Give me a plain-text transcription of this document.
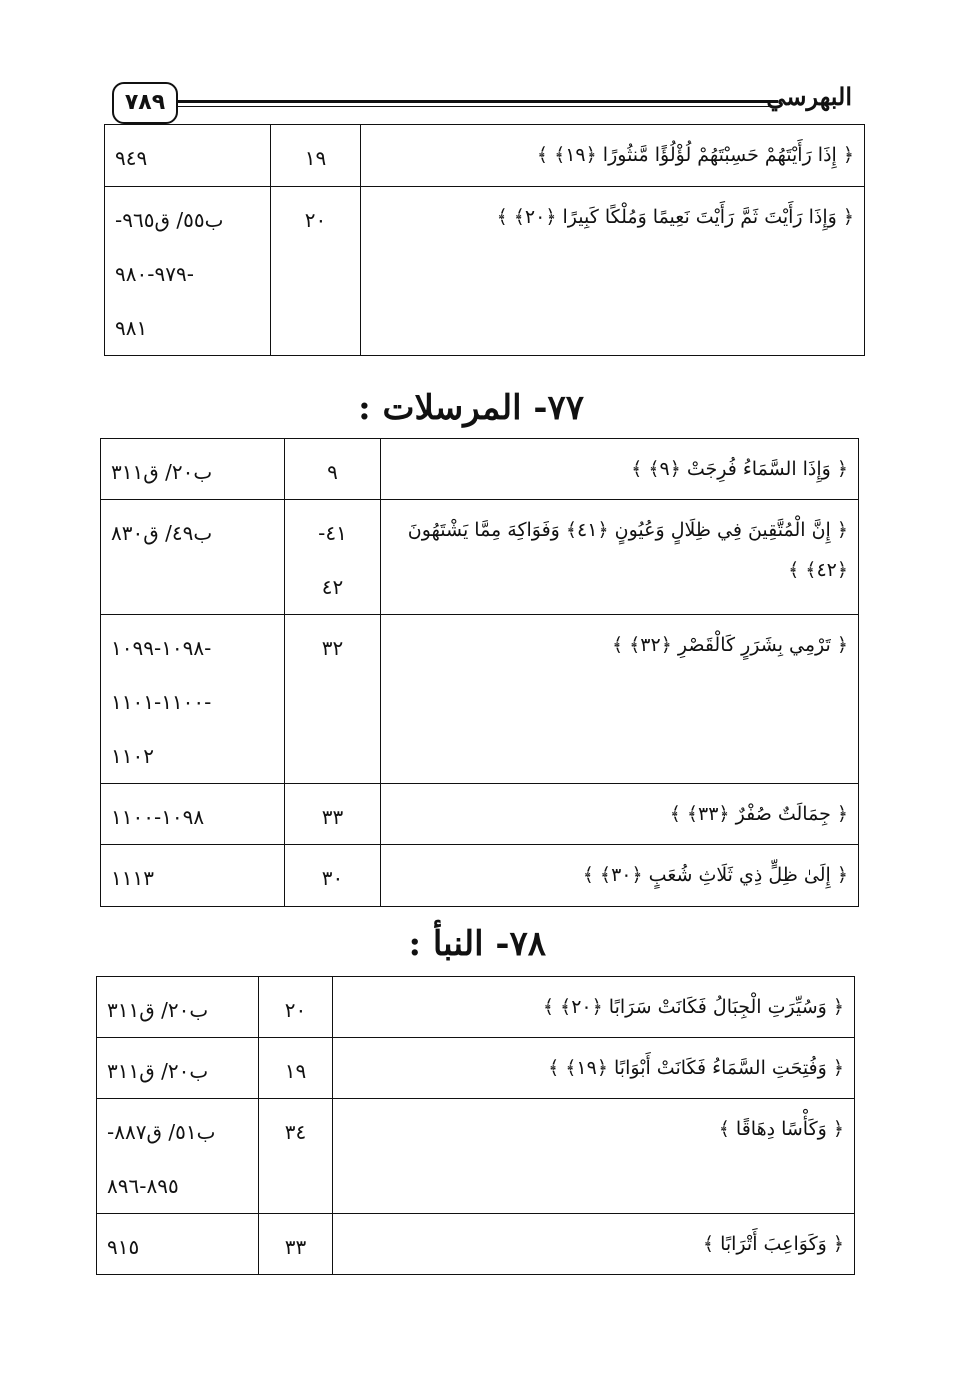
٧٨٩	البهرسي
﴿ إِذَا رَأَيْتَهُمْ حَسِبْتَهُمْ لُؤْلُؤًا مَّنثُورًا ﴿١٩﴾ ﴾	١٩	٩٤٩

﴿ وَإِذَا رَأَيْتَ ثَمَّ رَأَيْتَ نَعِيمًا وَمُلْكًا كَبِيرًا ﴿٢٠﴾ ﴾	٢٠	ب٥٥/ ق٩٦٥-
-٩٧٩-٩٨٠
٩٨١
٧٧- المرسلات :
﴿ وَإِذَا السَّمَاءُ فُرِجَتْ ﴿٩﴾ ﴾	٩	ب٢٠/ ق٣١١

﴿ إِنَّ الْمُتَّقِينَ فِي ظِلَالٍ وَعُيُونٍ ﴿٤١﴾ وَفَوَاكِهَ مِمَّا يَشْتَهُونَ ﴿٤٢﴾ ﴾	٤١-
٤٢	ب٤٩/ ق٨٣٠

﴿ تَرْمِي بِشَرَرٍ كَالْقَصْرِ ﴿٣٢﴾ ﴾	٣٢	-١٠٩٨-١٠٩٩
-١١٠٠-١١٠١
١١٠٢

﴿ جِمَالَتٌ صُفْرٌ ﴿٣٣﴾ ﴾	٣٣	١٠٩٨-١١٠٠

﴿ إِلَىٰ ظِلٍّ ذِي ثَلَاثِ شُعَبٍ ﴿٣٠﴾ ﴾	٣٠	١١١٣
٧٨- النبأ :
﴿ وَسُيِّرَتِ الْجِبَالُ فَكَانَتْ سَرَابًا ﴿٢٠﴾ ﴾	٢٠	ب٢٠/ ق٣١١

﴿ وَفُتِحَتِ السَّمَاءُ فَكَانَتْ أَبْوَابًا ﴿١٩﴾ ﴾	١٩	ب٢٠/ ق٣١١

﴿ وَكَأْسًا دِهَاقًا ﴾	٣٤	ب٥١/ ق٨٨٧-
٨٩٥-٨٩٦

﴿ وَكَوَاعِبَ أَتْرَابًا ﴾	٣٣	٩١٥
